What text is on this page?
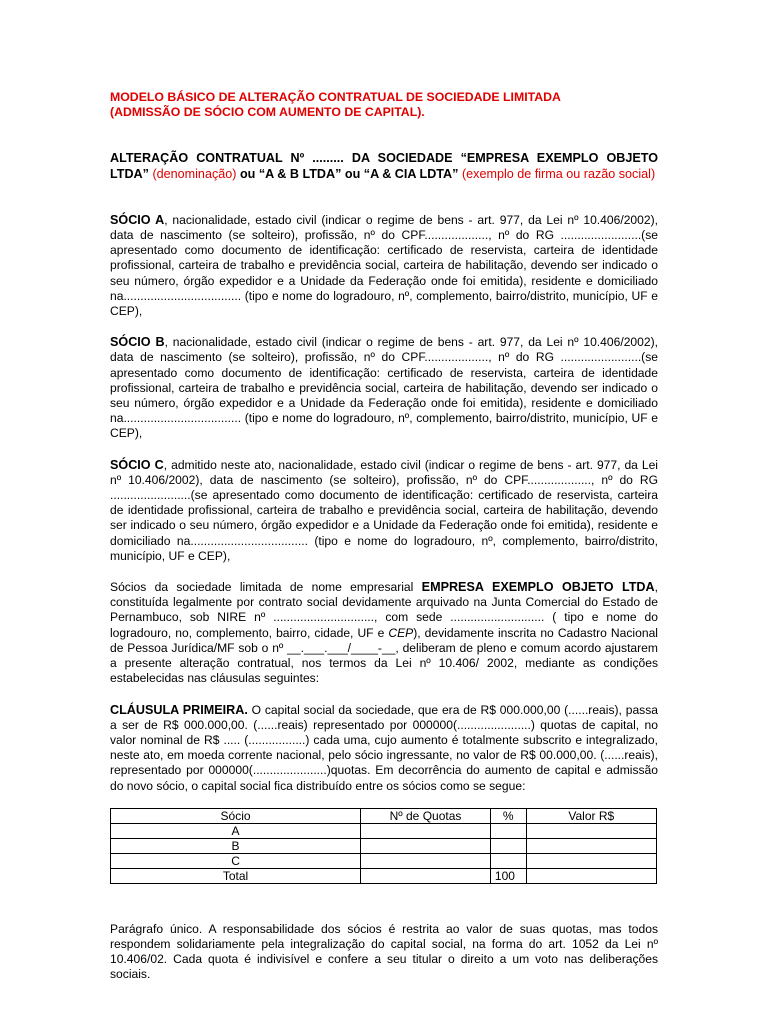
MODELO BÁSICO DE ALTERAÇÃO CONTRATUAL DE SOCIEDADE LIMITADA
(ADMISSÃO DE SÓCIO COM AUMENTO DE CAPITAL).

ALTERAÇÃO CONTRATUAL Nº ......... DA SOCIEDADE “EMPRESA EXEMPLO OBJETO LTDA” (denominação) ou “A & B LTDA” ou “A & CIA LDTA” (exemplo de firma ou razão social)

SÓCIO A, nacionalidade, estado civil (indicar o regime de bens - art. 977, da Lei nº 10.406/2002), data de nascimento (se solteiro), profissão, nº do CPF..................., nº do RG ........................(se apresentado como documento de identificação: certificado de reservista, carteira de identidade profissional, carteira de trabalho e previdência social, carteira de habilitação, devendo ser indicado o seu número, órgão expedidor e a Unidade da Federação onde foi emitida), residente e domiciliado na................................... (tipo e nome do logradouro, nº, complemento, bairro/distrito, município, UF e CEP),

SÓCIO B, nacionalidade, estado civil (indicar o regime de bens - art. 977, da Lei nº 10.406/2002), data de nascimento (se solteiro), profissão, nº do CPF..................., nº do RG ........................(se apresentado como documento de identificação: certificado de reservista, carteira de identidade profissional, carteira de trabalho e previdência social, carteira de habilitação, devendo ser indicado o seu número, órgão expedidor e a Unidade da Federação onde foi emitida), residente e domiciliado na................................... (tipo e nome do logradouro, nº, complemento, bairro/distrito, município, UF e CEP),

SÓCIO C, admitido neste ato, nacionalidade, estado civil (indicar o regime de bens - art. 977, da Lei nº 10.406/2002), data de nascimento (se solteiro), profissão, nº do CPF..................., nº do RG ........................(se apresentado como documento de identificação: certificado de reservista, carteira de identidade profissional, carteira de trabalho e previdência social, carteira de habilitação, devendo ser indicado o seu número, órgão expedidor e a Unidade da Federação onde foi emitida), residente e domiciliado na................................... (tipo e nome do logradouro, nº, complemento, bairro/distrito, município, UF e CEP),

Sócios da sociedade limitada de nome empresarial EMPRESA EXEMPLO OBJETO LTDA, constituída legalmente por contrato social devidamente arquivado na Junta Comercial do Estado de Pernambuco, sob NIRE nº .............................., com sede ............................ ( tipo e nome do logradouro, no, complemento, bairro, cidade, UF e CEP), devidamente inscrita no Cadastro Nacional de Pessoa Jurídica/MF sob o nº __.___.___/____-__, deliberam de pleno e comum acordo ajustarem a presente alteração contratual, nos termos da Lei nº 10.406/ 2002, mediante as condições estabelecidas nas cláusulas seguintes:

CLÁUSULA PRIMEIRA. O capital social da sociedade, que era de R$ 000.000,00 (......reais), passa a ser de R$ 000.000,00. (......reais) representado por 000000(......................) quotas de capital, no valor nominal de R$ ..... (.................) cada uma, cujo aumento é totalmente subscrito e integralizado, neste ato, em moeda corrente nacional, pelo sócio ingressante, no valor de R$ 00.000,00. (......reais), representado por 000000(......................)quotas. Em decorrência do aumento de capital e admissão do novo sócio, o capital social fica distribuído entre os sócios como se segue:

Sócio	Nº de Quotas	%	Valor R$
A			
B			
C			
Total		100	

Parágrafo único. A responsabilidade dos sócios é restrita ao valor de suas quotas, mas todos respondem solidariamente pela integralização do capital social, na forma do art. 1052 da Lei nº 10.406/02. Cada quota é indivisível e confere a seu titular o direito a um voto nas deliberações sociais.
